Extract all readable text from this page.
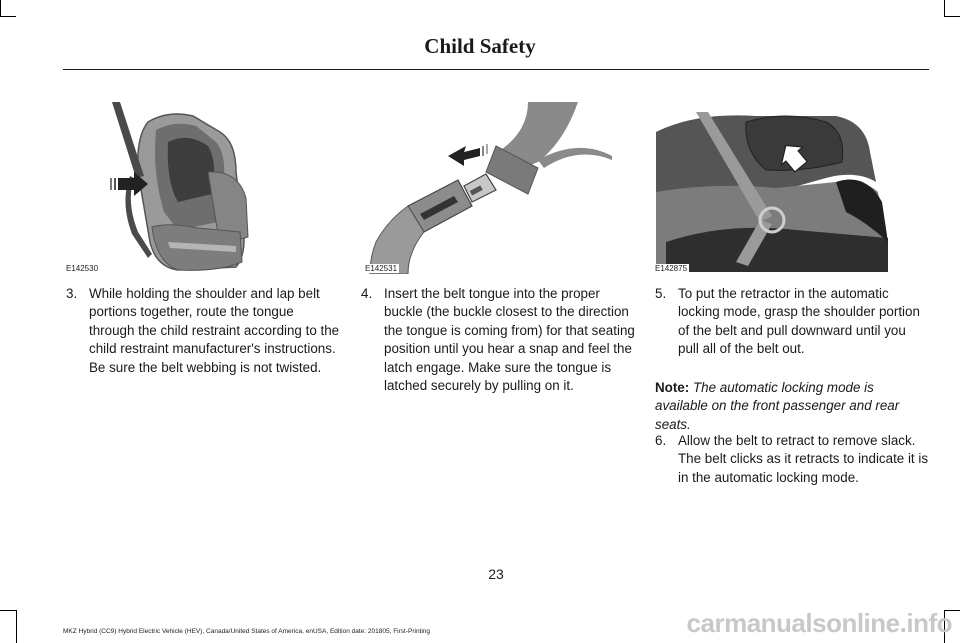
Child Safety
E142530	E142531	E142875
3. While holding the shoulder and lap belt portions together, route the tongue through the child restraint according to the child restraint manufacturer's instructions. Be sure the belt webbing is not twisted.
4. Insert the belt tongue into the proper buckle (the buckle closest to the direction the tongue is coming from) for that seating position until you hear a snap and feel the latch engage. Make sure the tongue is latched securely by pulling on it.
5. To put the retractor in the automatic locking mode, grasp the shoulder portion of the belt and pull downward until you pull all of the belt out.
Note: The automatic locking mode is available on the front passenger and rear seats.
6. Allow the belt to retract to remove slack. The belt clicks as it retracts to indicate it is in the automatic locking mode.
23
MKZ Hybrid (CC9) Hybrid Electric Vehicle (HEV), Canada/United States of America, enUSA, Edition date: 201805, First-Printing	carmanualsonline.info
